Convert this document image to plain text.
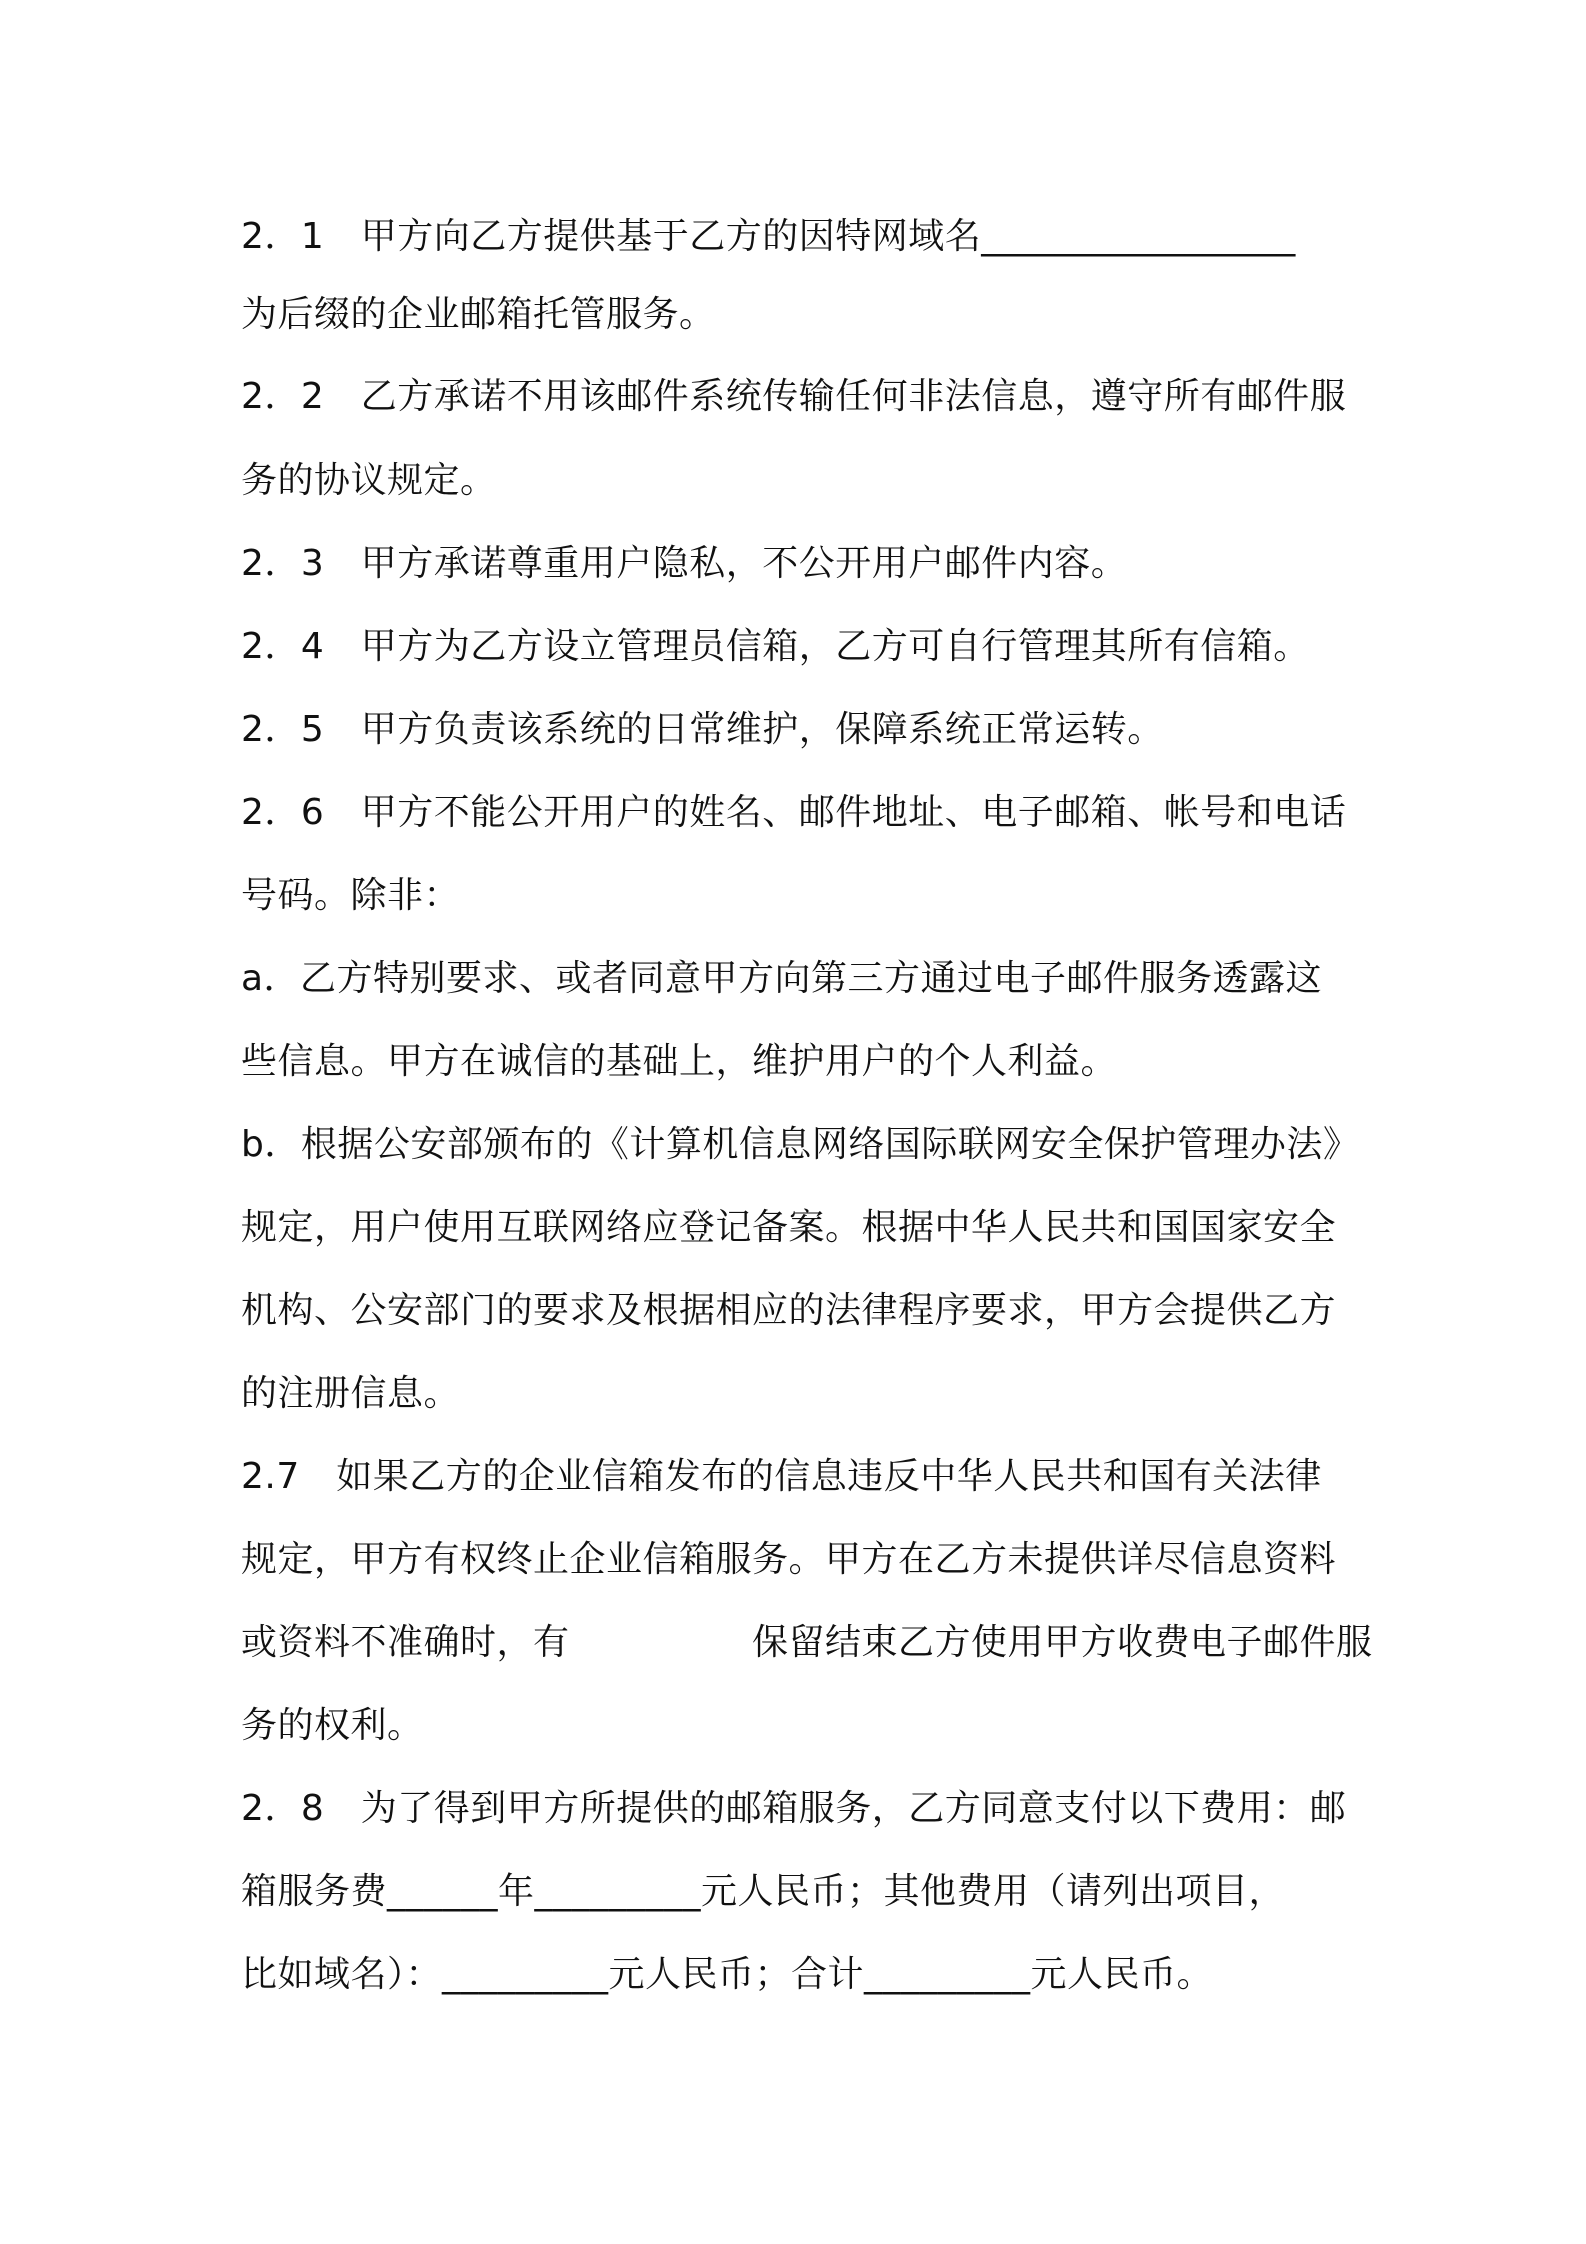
2．1　甲方向乙方提供基于乙方的因特网域名_________________
为后缀的企业邮箱托管服务。
2．2　乙方承诺不用该邮件系统传输任何非法信息，遵守所有邮件服
务的协议规定。
2．3　甲方承诺尊重用户隐私，不公开用户邮件内容。
2．4　甲方为乙方设立管理员信箱，乙方可自行管理其所有信箱。
2．5　甲方负责该系统的日常维护，保障系统正常运转。
2．6　甲方不能公开用户的姓名、邮件地址、电子邮箱、帐号和电话
号码。除非：
a．乙方特别要求、或者同意甲方向第三方通过电子邮件服务透露这
些信息。甲方在诚信的基础上，维护用户的个人利益。
b．根据公安部颁布的《计算机信息网络国际联网安全保护管理办法》
规定，用户使用互联网络应登记备案。根据中华人民共和国国家安全
机构、公安部门的要求及根据相应的法律程序要求，甲方会提供乙方
的注册信息。
2.7　如果乙方的企业信箱发布的信息违反中华人民共和国有关法律
规定，甲方有权终止企业信箱服务。甲方在乙方未提供详尽信息资料
或资料不准确时，有　　　　　保留结束乙方使用甲方收费电子邮件服
务的权利。
2．8　为了得到甲方所提供的邮箱服务，乙方同意支付以下费用：邮
箱服务费______年_________元人民币；其他费用（请列出项目，
比如域名）：_________元人民币；合计_________元人民币。
